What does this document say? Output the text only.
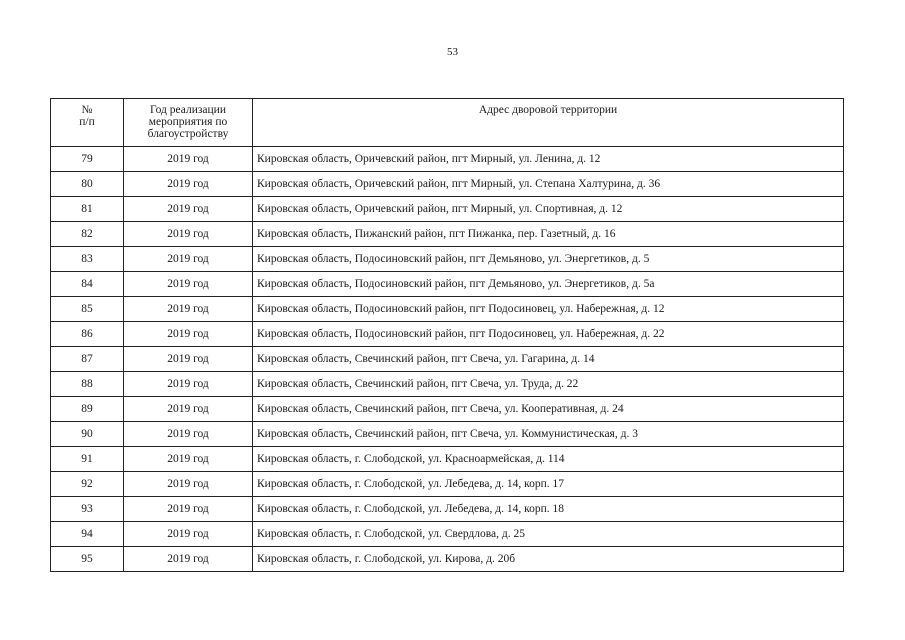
53
№
п/п	Год реализации мероприятия по благоустройству	Адрес дворовой территории
79	2019 год	Кировская область, Оричевский район, пгт Мирный, ул. Ленина, д. 12
80	2019 год	Кировская область, Оричевский район, пгт Мирный, ул. Степана Халтурина, д. 36
81	2019 год	Кировская область, Оричевский район, пгт Мирный, ул. Спортивная, д. 12
82	2019 год	Кировская область, Пижанский район, пгт Пижанка, пер. Газетный, д. 16
83	2019 год	Кировская область, Подосиновский район, пгт Демьяново, ул. Энергетиков, д. 5
84	2019 год	Кировская область, Подосиновский район, пгт Демьяново, ул. Энергетиков, д. 5а
85	2019 год	Кировская область, Подосиновский район, пгт Подосиновец, ул. Набережная, д. 12
86	2019 год	Кировская область, Подосиновский район, пгт Подосиновец, ул. Набережная, д. 22
87	2019 год	Кировская область, Свечинский район, пгт Свеча, ул. Гагарина, д. 14
88	2019 год	Кировская область, Свечинский район, пгт Свеча, ул. Труда, д. 22
89	2019 год	Кировская область, Свечинский район, пгт Свеча, ул. Кооперативная, д. 24
90	2019 год	Кировская область, Свечинский район, пгт Свеча, ул. Коммунистическая, д. 3
91	2019 год	Кировская область, г. Слободской, ул. Красноармейская, д. 114
92	2019 год	Кировская область, г. Слободской, ул. Лебедева, д. 14, корп. 17
93	2019 год	Кировская область, г. Слободской, ул. Лебедева, д. 14, корп. 18
94	2019 год	Кировская область, г. Слободской, ул. Свердлова, д. 25
95	2019 год	Кировская область, г. Слободской, ул. Кирова, д. 20б
